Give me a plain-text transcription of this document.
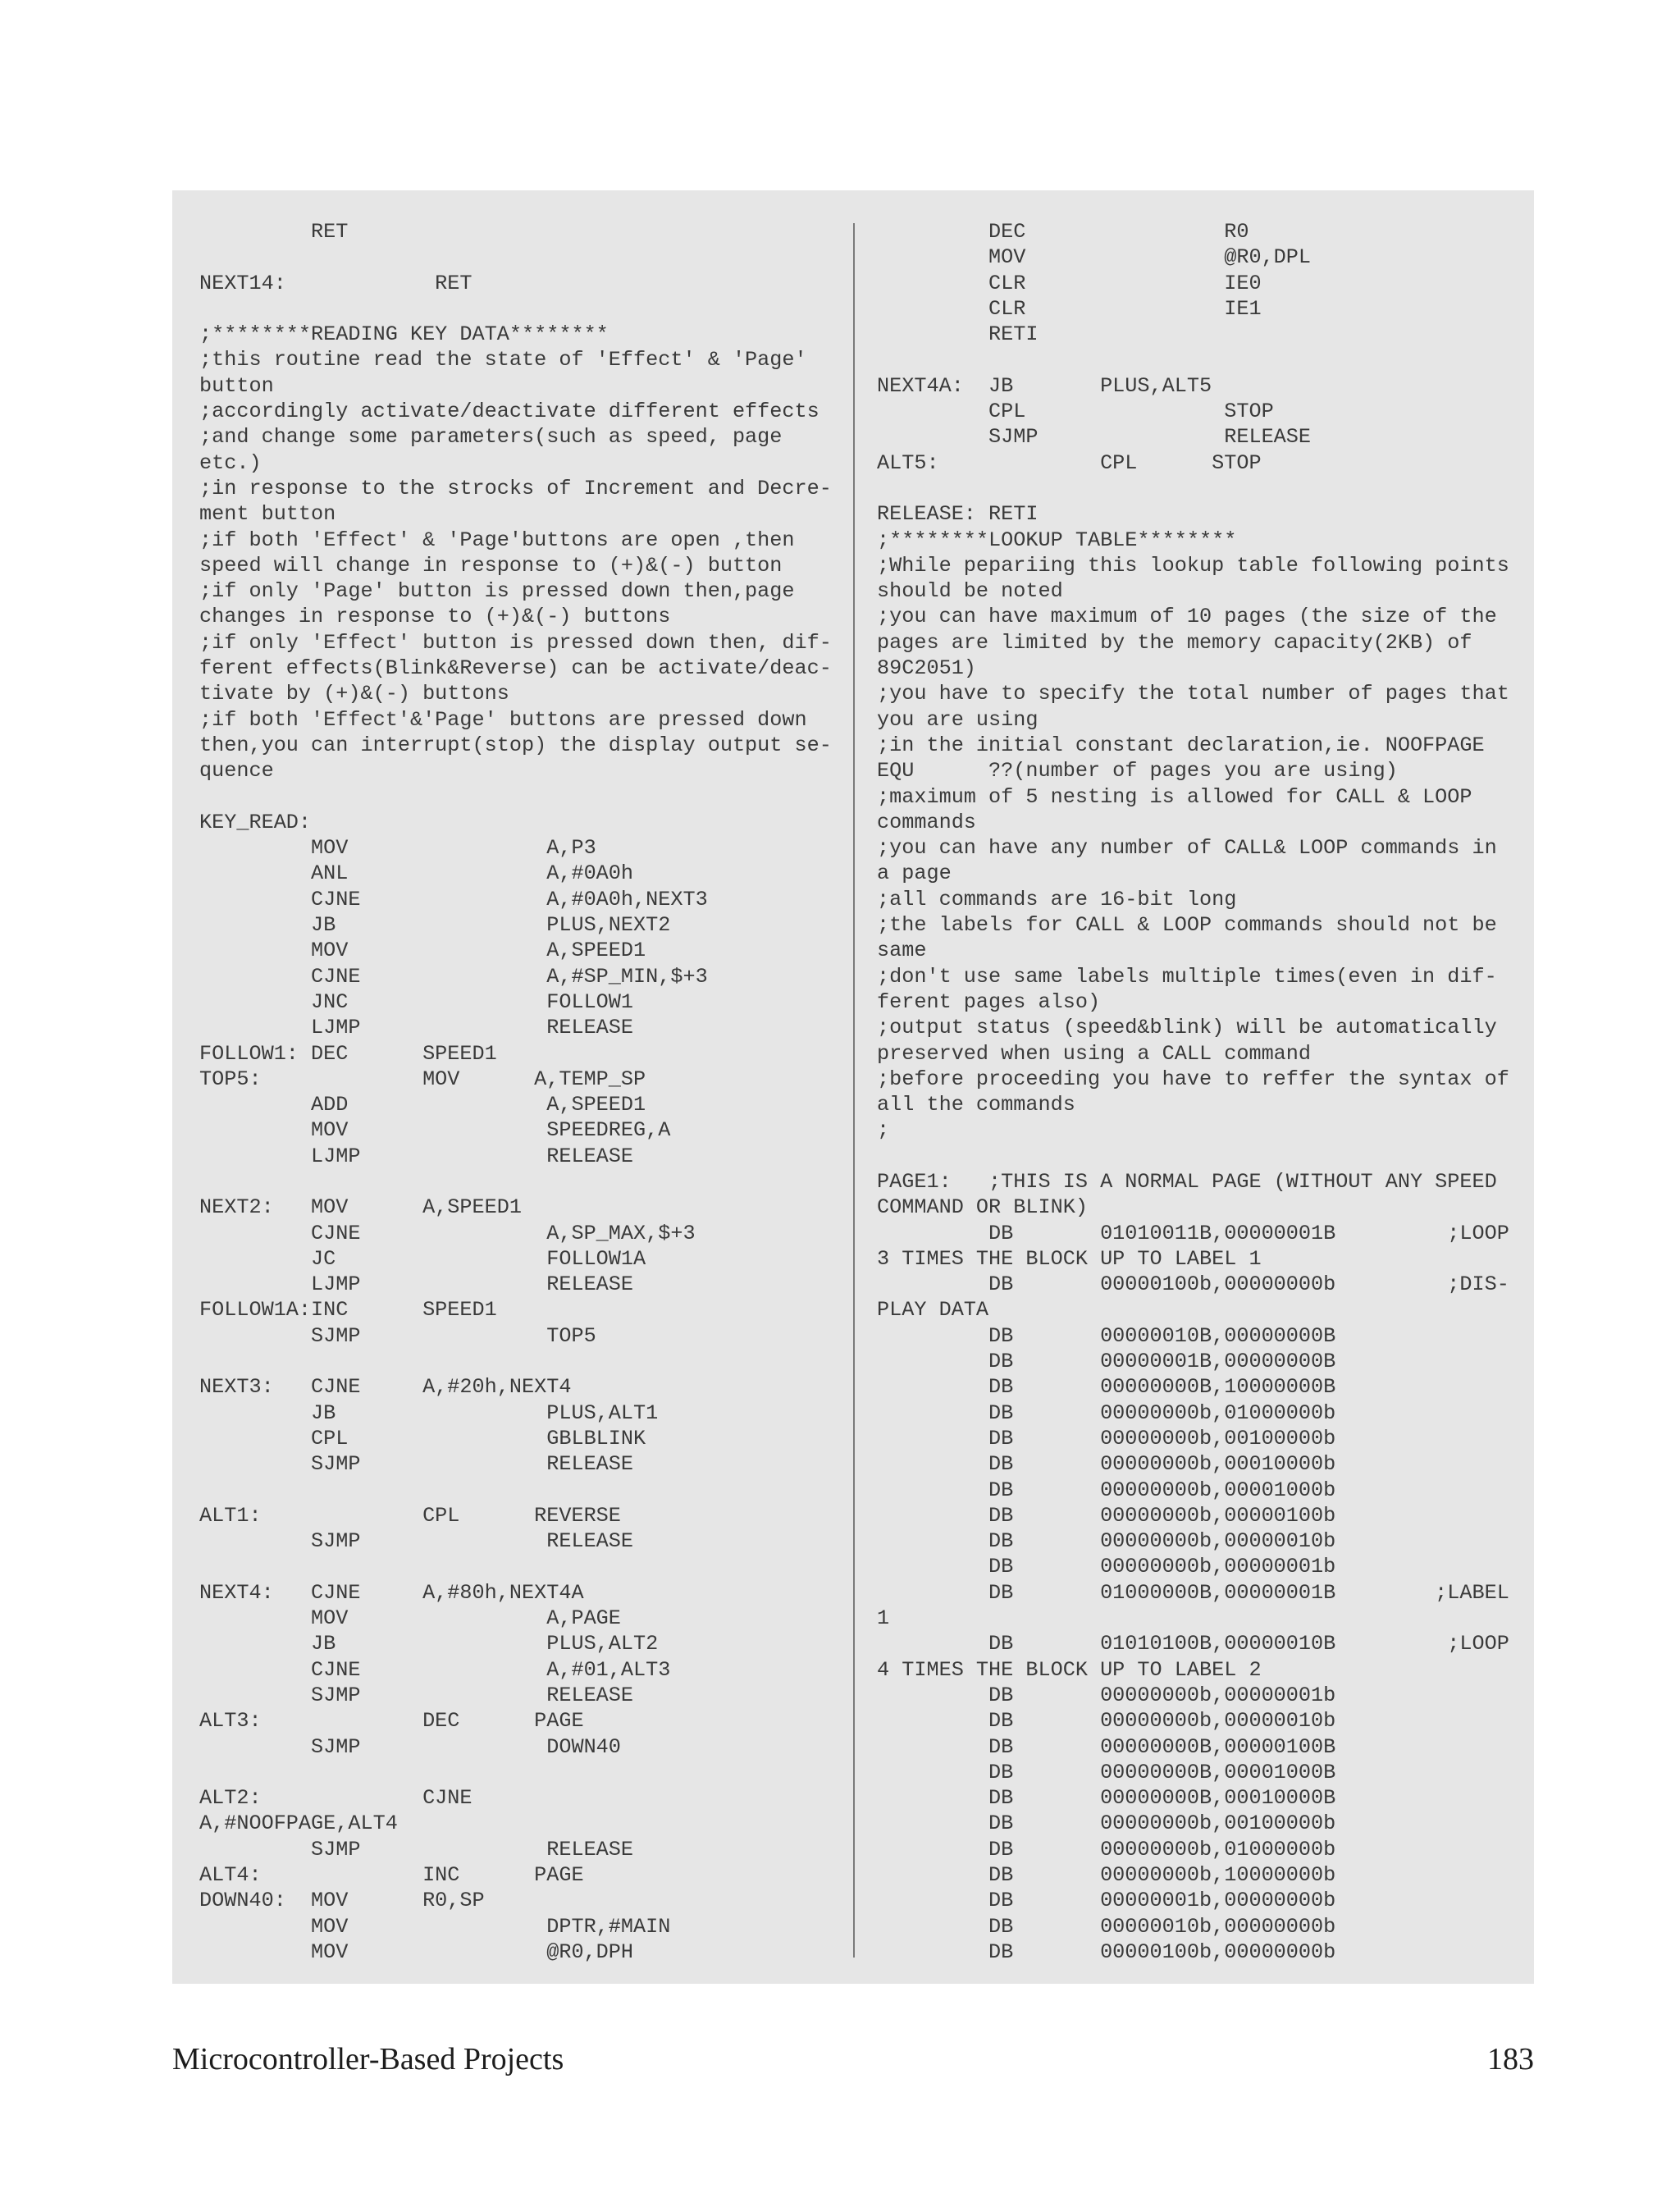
RET
NEXT14:            RET
;********READING KEY DATA********
;this routine read the state of 'Effect' & 'Page'
button
;accordingly activate/deactivate different effects
;and change some parameters(such as speed, page
etc.)
;in response to the strocks of Increment and Decre-
ment button
;if both 'Effect' & 'Page'buttons are open ,then
speed will change in response to (+)&(-) button
;if only 'Page' button is pressed down then,page
changes in response to (+)&(-) buttons
;if only 'Effect' button is pressed down then, dif-
ferent effects(Blink&Reverse) can be activate/deac-
tivate by (+)&(-) buttons
;if both 'Effect'&'Page' buttons are pressed down
then,you can interrupt(stop) the display output se-
quence
KEY_READ:
MOV                A,P3
ANL                A,#0A0h
CJNE               A,#0A0h,NEXT3
JB                 PLUS,NEXT2
MOV                A,SPEED1
CJNE               A,#SP_MIN,$+3
JNC                FOLLOW1
LJMP               RELEASE
FOLLOW1: DEC      SPEED1
TOP5:             MOV      A,TEMP_SP
ADD                A,SPEED1
MOV                SPEEDREG,A
LJMP               RELEASE
NEXT2:   MOV      A,SPEED1
CJNE               A,SP_MAX,$+3
JC                 FOLLOW1A
LJMP               RELEASE
FOLLOW1A:INC      SPEED1
SJMP               TOP5
NEXT3:   CJNE     A,#20h,NEXT4
JB                 PLUS,ALT1
CPL                GBLBLINK
SJMP               RELEASE
ALT1:             CPL      REVERSE
SJMP               RELEASE
NEXT4:   CJNE     A,#80h,NEXT4A
MOV                A,PAGE
JB                 PLUS,ALT2
CJNE               A,#01,ALT3
SJMP               RELEASE
ALT3:             DEC      PAGE
SJMP               DOWN40
ALT2:             CJNE
A,#NOOFPAGE,ALT4
SJMP               RELEASE
ALT4:             INC      PAGE
DOWN40:  MOV      R0,SP
MOV                DPTR,#MAIN
MOV                @R0,DPH
DEC                R0
MOV                @R0,DPL
CLR                IE0
CLR                IE1
RETI
NEXT4A:  JB       PLUS,ALT5
CPL                STOP
SJMP               RELEASE
ALT5:             CPL      STOP
RELEASE: RETI
;********LOOKUP TABLE********
;While pepariing this lookup table following points
should be noted
;you can have maximum of 10 pages (the size of the
pages are limited by the memory capacity(2KB) of
89C2051)
;you have to specify the total number of pages that
you are using
;in the initial constant declaration,ie. NOOFPAGE
EQU      ??(number of pages you are using)
;maximum of 5 nesting is allowed for CALL & LOOP
commands
;you can have any number of CALL& LOOP commands in
a page
;all commands are 16-bit long
;the labels for CALL & LOOP commands should not be
same
;don't use same labels multiple times(even in dif-
ferent pages also)
;output status (speed&blink) will be automatically
preserved when using a CALL command
;before proceeding you have to reffer the syntax of
all the commands
;
PAGE1:   ;THIS IS A NORMAL PAGE (WITHOUT ANY SPEED
COMMAND OR BLINK)
DB       01010011B,00000001B         ;LOOP
3 TIMES THE BLOCK UP TO LABEL 1
DB       00000100b,00000000b         ;DIS-
PLAY DATA
DB       00000010B,00000000B
DB       00000001B,00000000B
DB       00000000B,10000000B
DB       00000000b,01000000b
DB       00000000b,00100000b
DB       00000000b,00010000b
DB       00000000b,00001000b
DB       00000000b,00000100b
DB       00000000b,00000010b
DB       00000000b,00000001b
DB       01000000B,00000001B        ;LABEL
1
DB       01010100B,00000010B         ;LOOP
4 TIMES THE BLOCK UP TO LABEL 2
DB       00000000b,00000001b
DB       00000000b,00000010b
DB       00000000B,00000100B
DB       00000000B,00001000B
DB       00000000B,00010000B
DB       00000000b,00100000b
DB       00000000b,01000000b
DB       00000000b,10000000b
DB       00000001b,00000000b
DB       00000010b,00000000b
DB       00000100b,00000000b
Microcontroller-Based Projects	183
